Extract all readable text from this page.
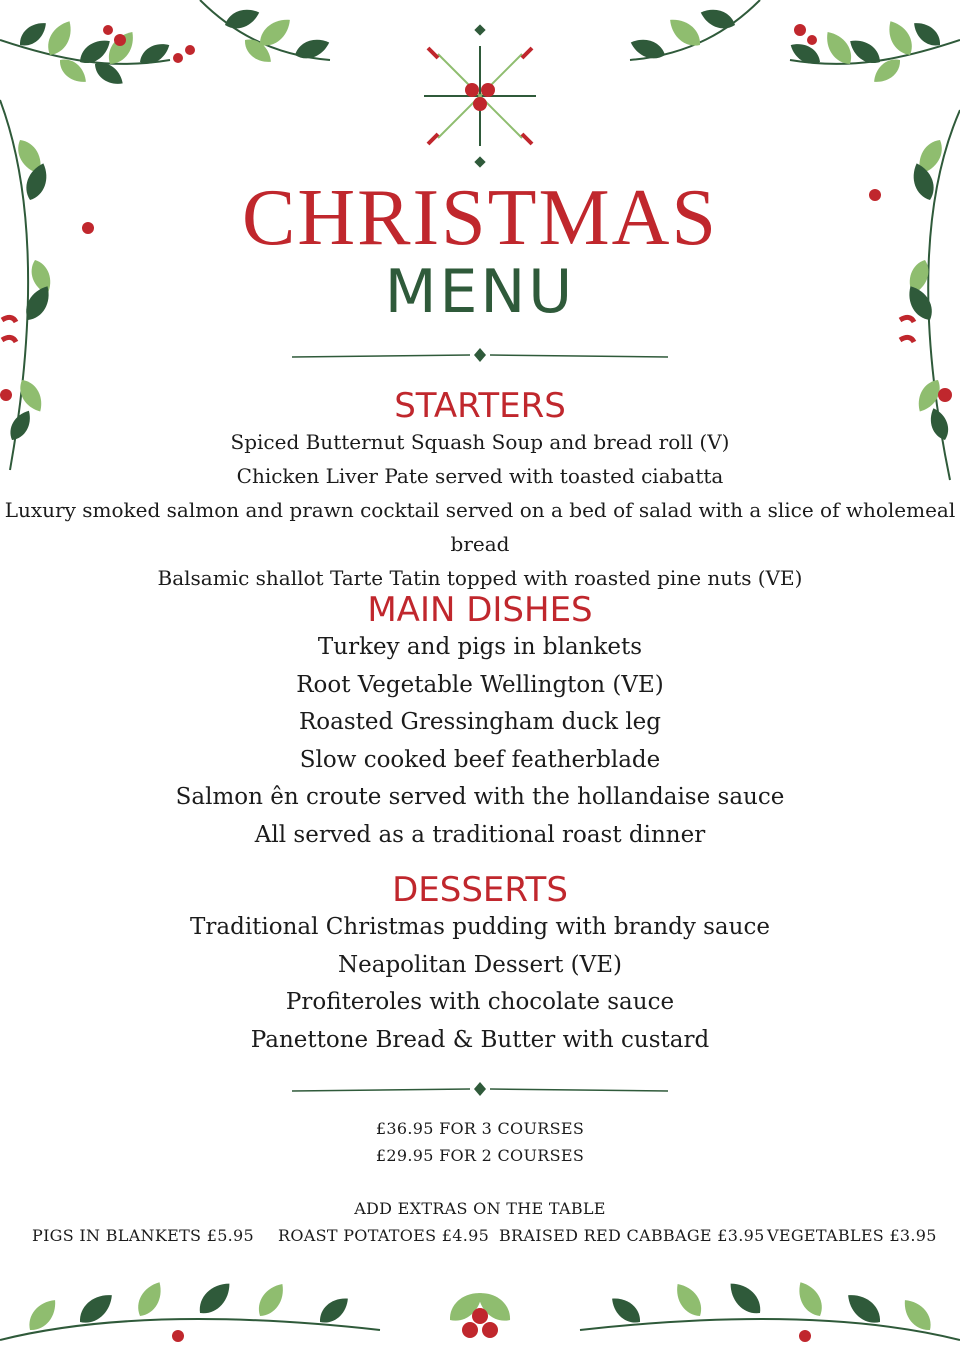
CHRISTMAS
MENU
STARTERS
Spiced Butternut Squash Soup and bread roll (V)
Chicken Liver Pate served with toasted ciabatta
Luxury smoked salmon and prawn cocktail served on a bed of salad with a slice of wholemeal
bread
Balsamic shallot Tarte Tatin topped with roasted pine nuts (VE)
MAIN DISHES
Turkey and pigs in blankets
Root Vegetable Wellington (VE)
Roasted Gressingham duck leg
Slow cooked beef featherblade
Salmon ên croute served with the hollandaise sauce
All served as a traditional roast dinner
DESSERTS
Traditional Christmas pudding with brandy sauce
Neapolitan Dessert (VE)
Profiteroles with chocolate sauce
Panettone Bread & Butter with custard
£36.95 FOR 3 COURSES
£29.95 FOR 2 COURSES
ADD EXTRAS ON THE TABLE
PIGS IN BLANKETS £5.95 ROAST POTATOES £4.95 BRAISED RED CABBAGE £3.95 VEGETABLES £3.95
